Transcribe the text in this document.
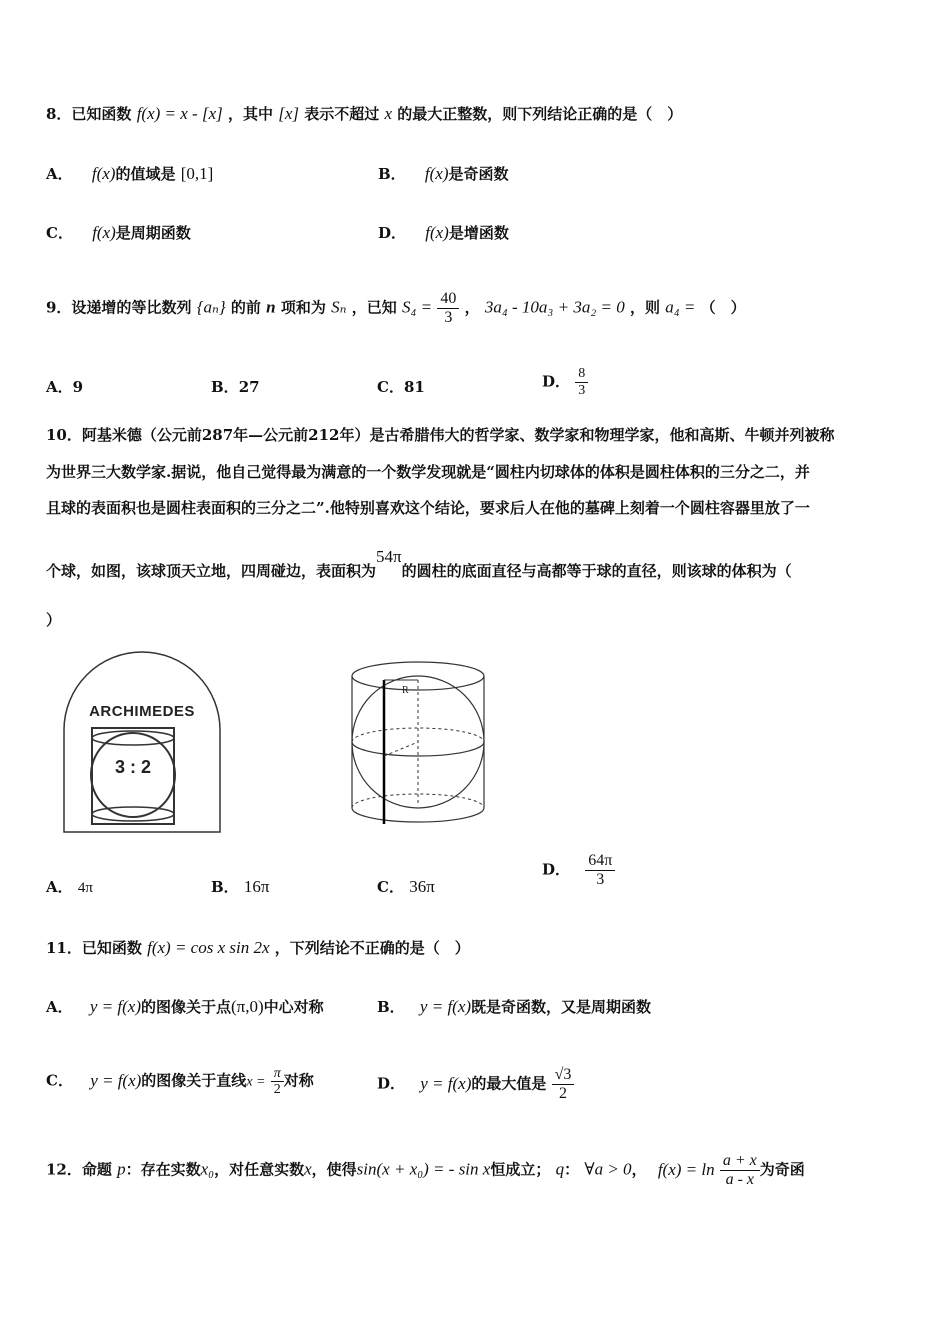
8．已知函数 f(x) = x - [x] ，其中 [x] 表示不超过 x 的最大正整数，则下列结论正确的是（　）
A． f(x)的值域是 [0,1]	B． f(x)是奇函数
C． f(x)是周期函数	D． f(x)是增函数
9．设递增的等比数列 {aₙ} 的前 n 项和为 Sₙ ，已知 $S_4 = \frac{40}{3}$ ， 3a₄ - 10a₃ + 3a₂ = 0 ，则 a₄ = （　）
A．9	B．27	C．81	D． $\frac{8}{3}$
10．阿基米德（公元前287年—公元前212年）是古希腊伟大的哲学家、数学家和物理学家，他和高斯、牛顿并列被称
为世界三大数学家.据说，他自己觉得最为满意的一个数学发现就是“圆柱内切球体的体积是圆柱体积的三分之二，并
且球的表面积也是圆柱表面积的三分之二”.他特别喜欢这个结论，要求后人在他的墓碑上刻着一个圆柱容器里放了一
个球，如图，该球顶天立地，四周碰边，表面积为54π的圆柱的底面直径与高都等于球的直径，则该球的体积为（
）
ARCHIMEDES
3 : 2
R
A． 4π	B． 16π	C． 36π
D． $\frac{64\pi}{3}$
11．已知函数 f(x) = cos x sin 2x ，下列结论不正确的是（　）
A． y = f(x)的图像关于点(π,0)中心对称	B． y = f(x)既是奇函数，又是周期函数
C． y = f(x)的图像关于直线$x = \frac{\pi}{2}$ 对称	D． y = f(x)的最大值是 $\frac{√3}{2}$
12．命题 p：存在实数x₀，对任意实数x，使得sin(x + x₀) = - sin x恒成立； q： ∀a > 0， $f(x) = \ln \frac{a + x}{a - x}$ 为奇函
